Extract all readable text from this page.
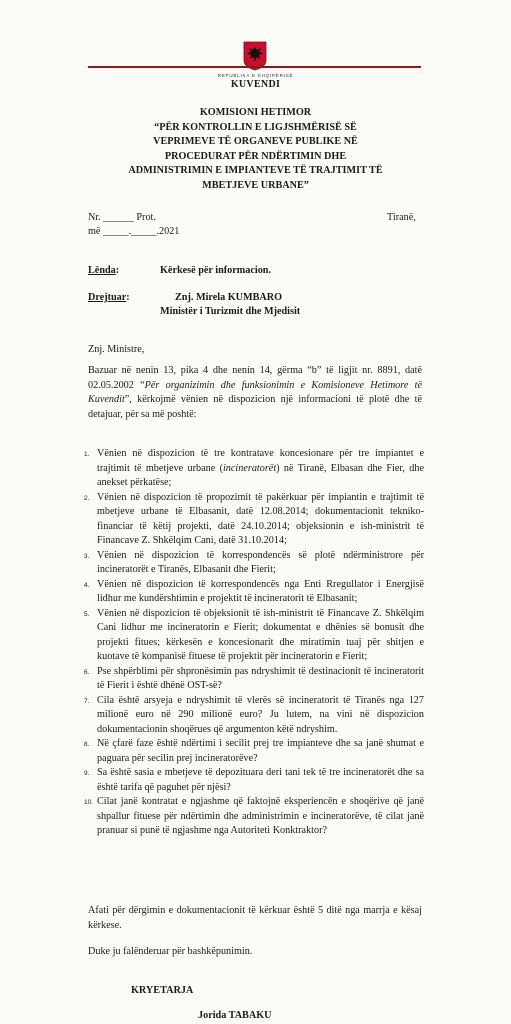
REPUBLIKA E SHQIPËRISË
KUVENDI
KOMISIONI HETIMOR
“PËR KONTROLLIN E LIGJSHMËRISË SË
VEPRIMEVE TË ORGANEVE PUBLIKE NË
PROCEDURAT PËR NDËRTIMIN DHE
ADMINISTRIMIN E IMPIANTEVE TË TRAJTIMIT TË
MBETJEVE URBANE”
Nr. ______ Prot.	Tiranë,
më _____._____.2021
Lënda:	Kërkesë për informacion.
Drejtuar:	Znj. Mirela KUMBARO
Ministër i Turizmit dhe Mjedisit
Znj. Ministre,
Bazuar në nenin 13, pika 4 dhe nenin 14, gërma “b” të ligjit nr. 8891, datë 02.05.2002 “Për organizimin dhe funksionimin e Komisioneve Hetimore të Kuvendit”, kërkojmë vënien në dispozicion një informacioni të plotë dhe të detajuar, për sa më poshtë:
1. Vënien në dispozicion të tre kontratave koncesionare për tre impiantet e trajtimit të mbetjeve urbane (incineratorët) në Tiranë, Elbasan dhe Fier, dhe anekset përkatëse;
2. Vënien në dispozicion të propozimit të pakërkuar për impiantin e trajtimit të mbetjeve urbane të Elbasanit, datë 12.08.2014; dokumentacionit tekniko-financiar të këtij projekti, datë 24.10.2014; objeksionin e ish-ministrit të Financave Z. Shkëlqim Cani, datë 31.10.2014;
3. Vënien në dispozicion të korrespondencës së plotë ndërministrore për incineratorët e Tiranës, Elbasanit dhe Fierit;
4. Vënien në dispozicion të korrespondencës nga Enti Rregullator i Energjisë lidhur me kundërshtimin e projektit të incineratorit të Elbasanit;
5. Vënien në dispozicion të objeksionit të ish-ministrit të Financave Z. Shkëlqim Cani lidhur me incineratorin e Fierit; dokumentat e dhënies së bonusit dhe projekti fitues; kërkesën e koncesionarit dhe miratimin tuaj për shitjen e kuotave të kompanisë fituese të projektit për incineratorin e Fierit;
6. Pse shpërblimi për shpronësimin pas ndryshimit të destinacionit të incineratorit të Fierit i është dhënë OST-së?
7. Cila është arsyeja e ndryshimit të vlerës së incineratorit të Tiranës nga 127 milionë euro në 290 milionë euro? Ju lutem, na vini në dispozicion dokumentacionin shoqërues që argumenton këtë ndryshim.
8. Në çfarë faze është ndërtimi i secilit prej tre impianteve dhe sa janë shumat e paguara për secilin prej incineratorëve?
9. Sa është sasia e mbetjeve të depozituara deri tani tek të tre incineratorët dhe sa është tarifa që paguhet për njësi?
10. Cilat janë kontratat e ngjashme që faktojnë eksperiencën e shoqërive që janë shpallur fituese për ndërtimin dhe administrimin e incineratorëve, të cilat janë pranuar si punë të ngjashme nga Autoriteti Konktraktor?
Afati për dërgimin e dokumentacionit të kërkuar është 5 ditë nga marrja e kësaj kërkese.
Duke ju falënderuar për bashkëpunimin.
KRYETARJA
Jorida TABAKU
